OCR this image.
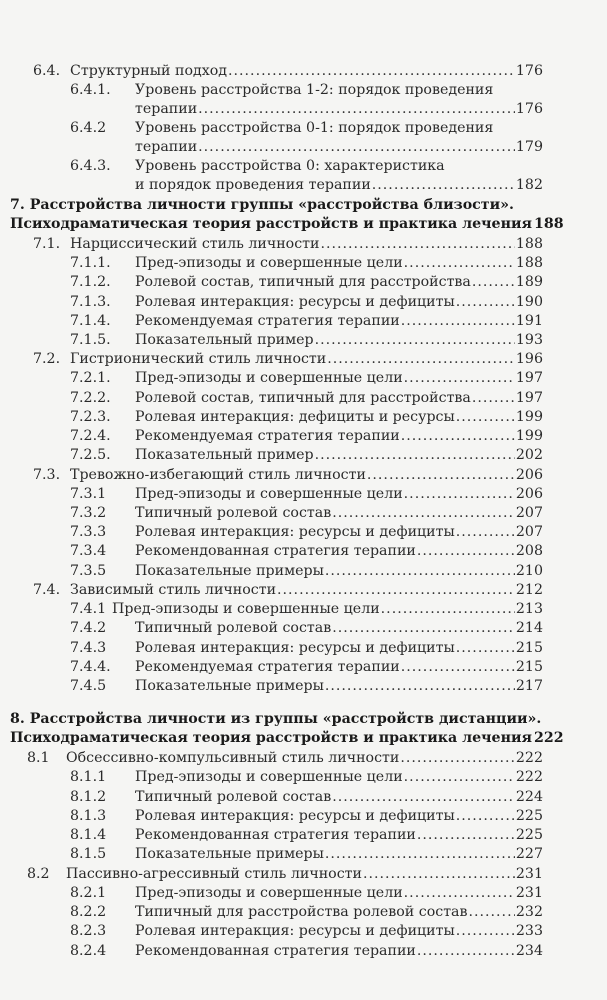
6.4. Структурный подход .....	176
6.4.1. Уровень расстройства 1-2: порядок проведения
терапии .....	176
6.4.2 Уровень расстройства 0-1: порядок проведения
терапии .....	179
6.4.3. Уровень расстройства 0: характеристика
и порядок проведения терапии .....	182
7. Расстройства личности группы «расстройства близости».
Психодраматическая теория расстройств и практика лечения 188
7.1. Нарциссический стиль личности .....	188
7.1.1. Пред-эпизоды и совершенные цели .....	188
7.1.2. Ролевой состав, типичный для расстройства .....	189
7.1.3. Ролевая интеракция: ресурсы и дефициты .....	190
7.1.4. Рекомендуемая стратегия терапии .....	191
7.1.5. Показательный пример .....	193
7.2. Гистрионический стиль личности .....	196
7.2.1. Пред-эпизоды и совершенные цели .....	197
7.2.2. Ролевой состав, типичный для расстройства .....	197
7.2.3. Ролевая интеракция: дефициты и ресурсы .....	199
7.2.4. Рекомендуемая стратегия терапии .....	199
7.2.5. Показательный пример .....	202
7.3. Тревожно-избегающий стиль личности .....	206
7.3.1 Пред-эпизоды и совершенные цели .....	206
7.3.2 Типичный ролевой состав .....	207
7.3.3 Ролевая интеракция: ресурсы и дефициты .....	207
7.3.4 Рекомендованная стратегия терапии .....	208
7.3.5 Показательные примеры .....	210
7.4. Зависимый стиль личности .....	212
7.4.1 Пред-эпизоды и совершенные цели .....	213
7.4.2 Типичный ролевой состав .....	214
7.4.3 Ролевая интеракция: ресурсы и дефициты .....	215
7.4.4. Рекомендуемая стратегия терапии .....	215
7.4.5 Показательные примеры .....	217
8. Расстройства личности из группы «расстройств дистанции».
Психодраматическая теория расстройств и практика лечения 222
8.1 Обсессивно-компульсивный стиль личности .....	222
8.1.1 Пред-эпизоды и совершенные цели .....	222
8.1.2 Типичный ролевой состав .....	224
8.1.3 Ролевая интеракция: ресурсы и дефициты .....	225
8.1.4 Рекомендованная стратегия терапии .....	225
8.1.5 Показательные примеры .....	227
8.2 Пассивно-агрессивный стиль личности .....	231
8.2.1 Пред-эпизоды и совершенные цели .....	231
8.2.2 Типичный для расстройства ролевой состав .....	232
8.2.3 Ролевая интеракция: ресурсы и дефициты .....	233
8.2.4 Рекомендованная стратегия терапии .....	234
